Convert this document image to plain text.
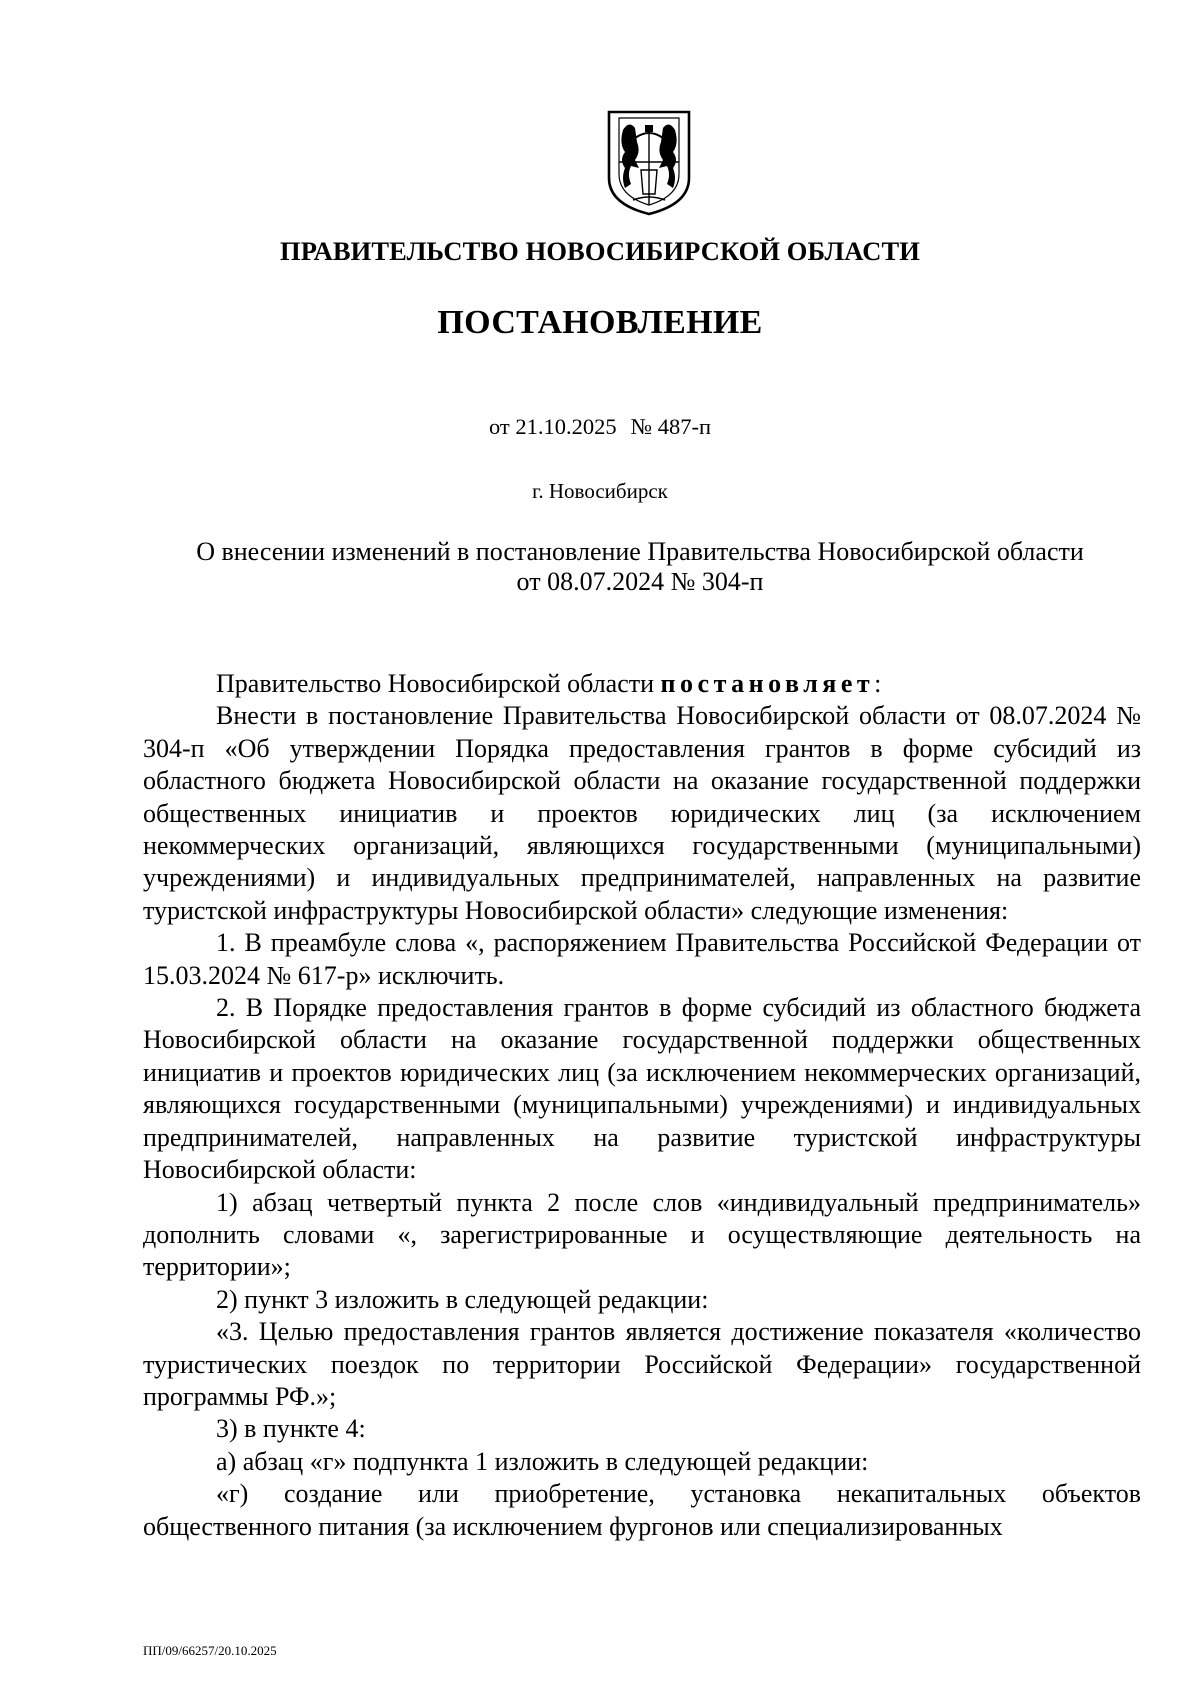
ПРАВИТЕЛЬСТВО НОВОСИБИРСКОЙ ОБЛАСТИ
ПОСТАНОВЛЕНИЕ
от 21.10.2025 № 487-п
г. Новосибирск
О внесении изменений в постановление Правительства Новосибирской области
от 08.07.2024 № 304-п

Правительство Новосибирской области постановляет:

Внести в постановление Правительства Новосибирской области от 08.07.2024 № 304-п «Об утверждении Порядка предоставления грантов в форме субсидий из областного бюджета Новосибирской области на оказание государственной поддержки общественных инициатив и проектов юридических лиц (за исключением некоммерческих организаций, являющихся государственными (муниципальными) учреждениями) и индивидуальных предпринимателей, направленных на развитие туристской инфраструктуры Новосибирской области» следующие изменения:

1. В преамбуле слова «, распоряжением Правительства Российской Федерации от 15.03.2024 № 617-р» исключить.

2. В Порядке предоставления грантов в форме субсидий из областного бюджета Новосибирской области на оказание государственной поддержки общественных инициатив и проектов юридических лиц (за исключением некоммерческих организаций, являющихся государственными (муниципальными) учреждениями) и индивидуальных предпринимателей, направленных на развитие туристской инфраструктуры Новосибирской области:

1) абзац четвертый пункта 2 после слов «индивидуальный предприниматель» дополнить словами «, зарегистрированные и осуществляющие деятельность на территории»;

2) пункт 3 изложить в следующей редакции:

«3. Целью предоставления грантов является достижение показателя «количество туристических поездок по территории Российской Федерации» государственной программы РФ.»;

3) в пункте 4:

а) абзац «г» подпункта 1 изложить в следующей редакции:

«г) создание или приобретение, установка некапитальных объектов общественного питания (за исключением фургонов или специализированных

ПП/09/66257/20.10.2025
